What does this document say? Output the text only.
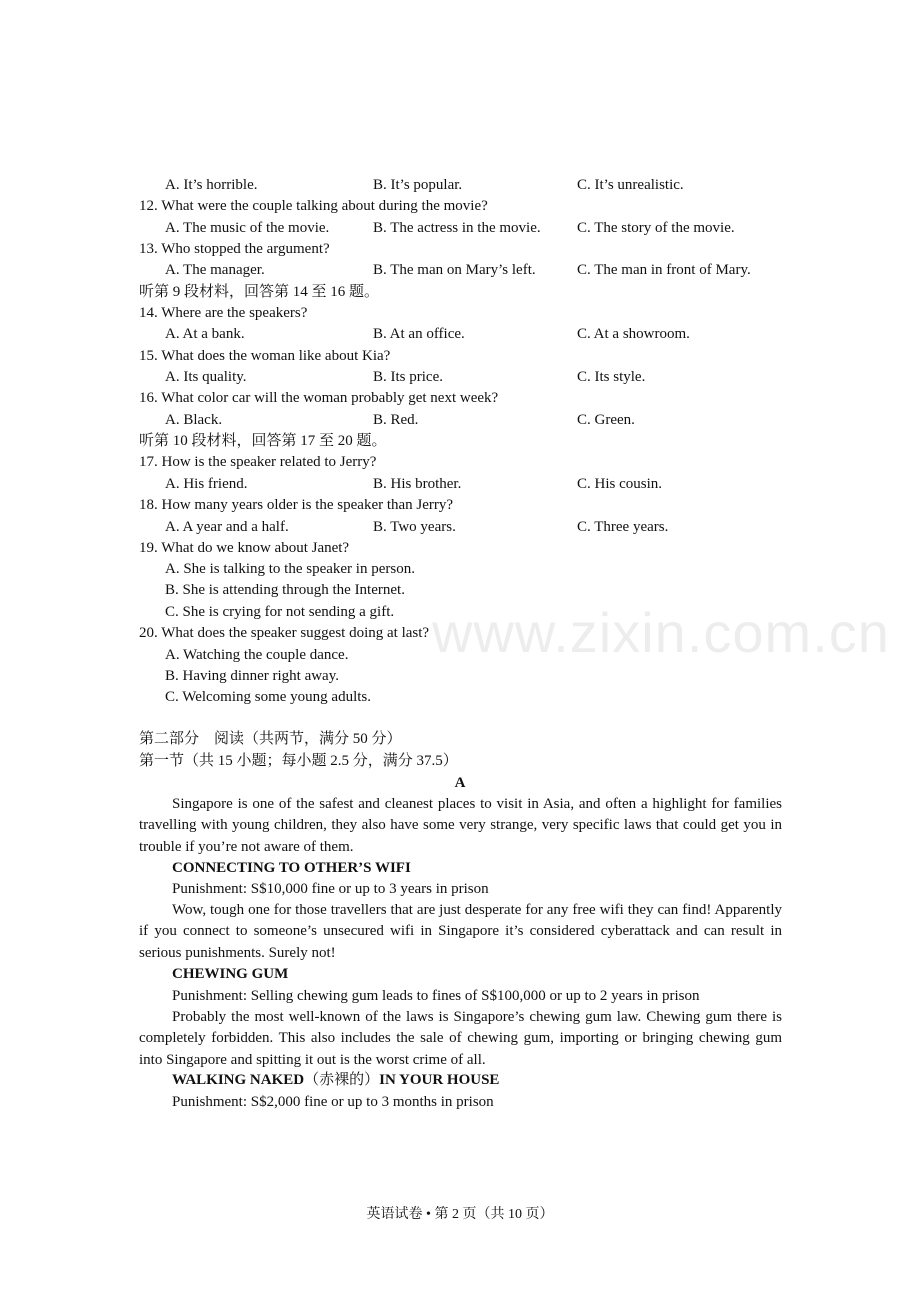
www.zixin.com.cn
A. It’s horrible.	B. It’s popular.	C. It’s unrealistic.
12. What were the couple talking about during the movie?
A. The music of the movie.	B. The actress in the movie. C. The story of the movie.
13. Who stopped the argument?
A. The manager.	B. The man on Mary’s left.	C. The man in front of Mary.
听第 9 段材料，回答第 14 至 16 题。
14. Where are the speakers?
A. At a bank.	B. At an office.	C. At a showroom.
15. What does the woman like about Kia?
A. Its quality.	B. Its price.	C. Its style.
16. What color car will the woman probably get next week?
A. Black.	B. Red.	C. Green.
听第 10 段材料，回答第 17 至 20 题。
17. How is the speaker related to Jerry?
A. His friend.	B. His brother.	C. His cousin.
18. How many years older is the speaker than Jerry?
A. A year and a half.	B. Two years.	C. Three years.
19. What do we know about Janet?
A. She is talking to the speaker in person.
B. She is attending through the Internet.
C. She is crying for not sending a gift.
20. What does the speaker suggest doing at last?
A. Watching the couple dance.
B. Having dinner right away.
C. Welcoming some young adults.
第二部分　阅读（共两节，满分 50 分）
第一节（共 15 小题；每小题 2.5 分，满分 37.5）
A

Singapore is one of the safest and cleanest places to visit in Asia, and often a highlight for families travelling with young children, they also have some very strange, very specific laws that could get you in trouble if you’re not aware of them.

CONNECTING TO OTHER’S WIFI
Punishment: S$10,000 fine or up to 3 years in prison

Wow, tough one for those travellers that are just desperate for any free wifi they can find! Apparently if you connect to someone’s unsecured wifi in Singapore it’s considered cyberattack and can result in serious punishments. Surely not!

CHEWING GUM
Punishment: Selling chewing gum leads to fines of S$100,000 or up to 2 years in prison

Probably the most well-known of the laws is Singapore’s chewing gum law. Chewing gum there is completely forbidden. This also includes the sale of chewing gum, importing or bringing chewing gum into Singapore and spitting it out is the worst crime of all.

WALKING NAKED（赤裸的）IN YOUR HOUSE
Punishment: S$2,000 fine or up to 3 months in prison
英语试卷 • 第 2 页（共 10 页）
